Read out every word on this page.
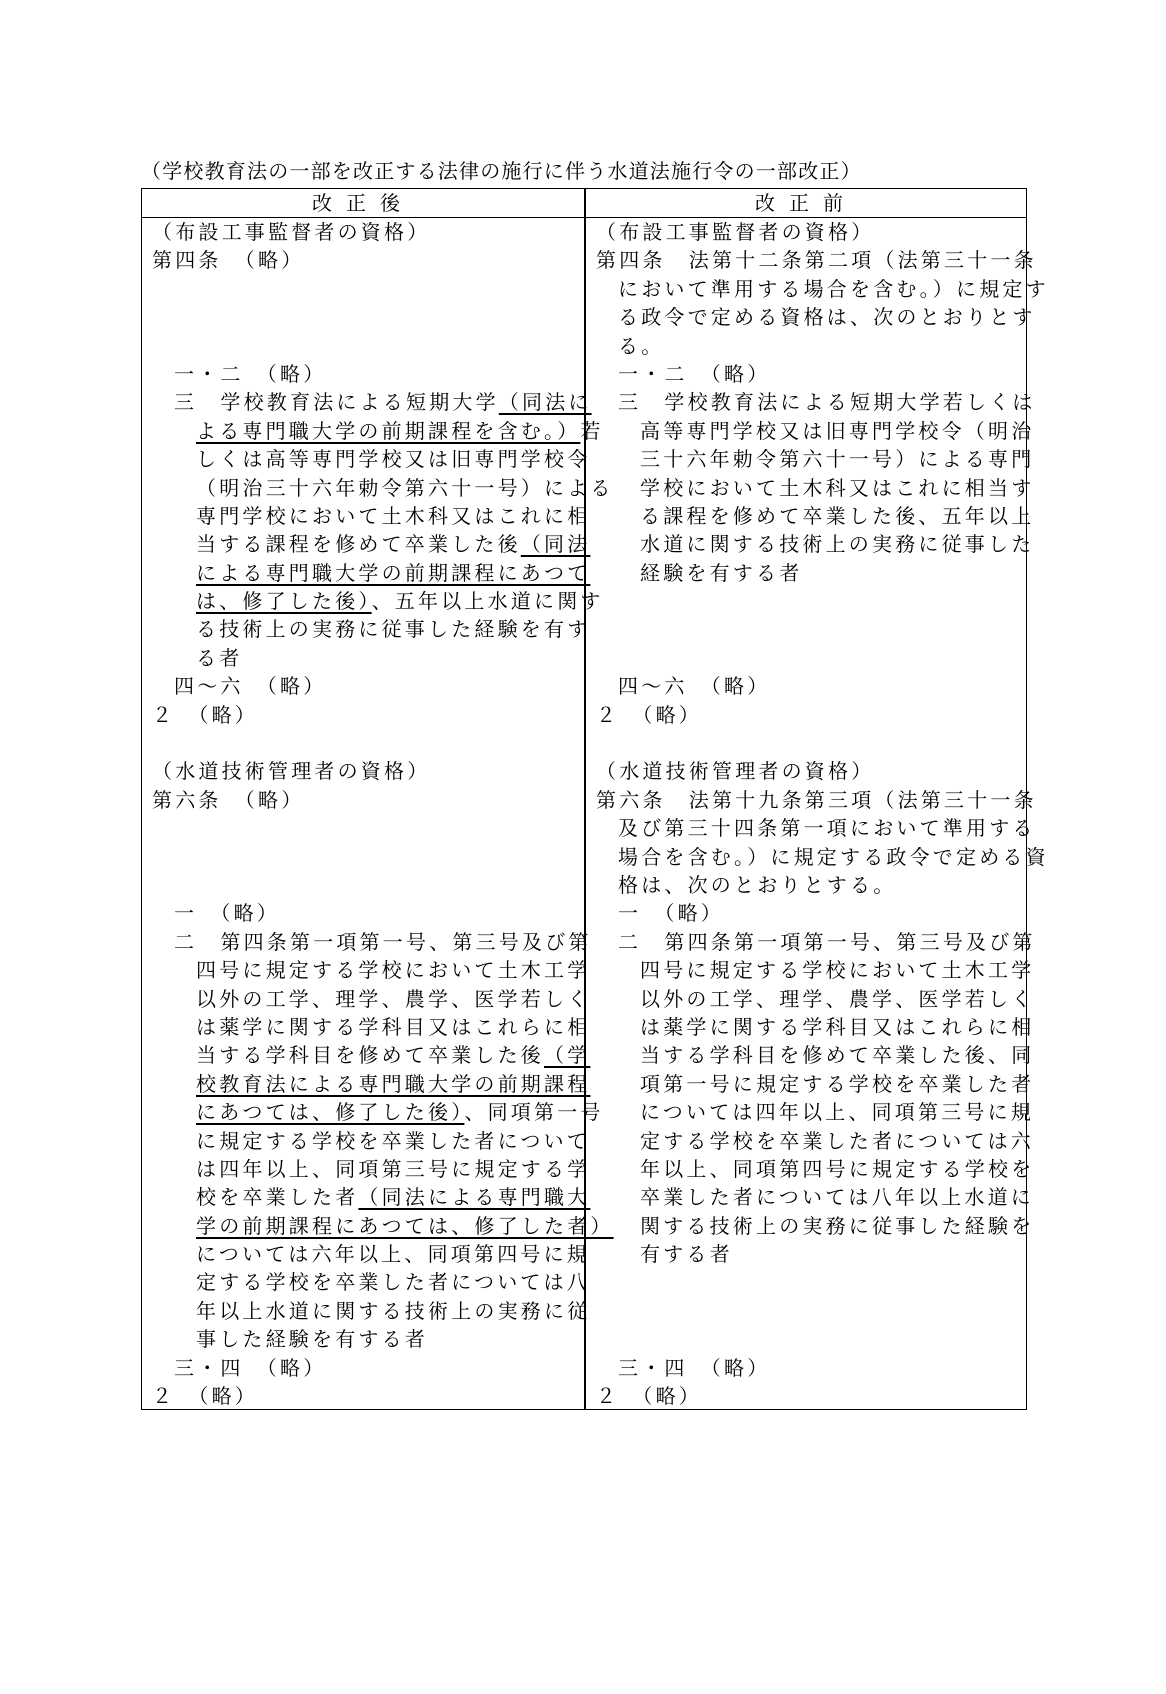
（学校教育法の一部を改正する法律の施行に伴う水道法施行令の一部改正）
改正後	改正前
（布設工事監督者の資格）
第四条　（略）
一・二　（略）
三　学校教育法による短期大学（同法に
よる専門職大学の前期課程を含む。）若
しくは高等専門学校又は旧専門学校令
（明治三十六年勅令第六十一号）による
専門学校において土木科又はこれに相
当する課程を修めて卒業した後（同法
による専門職大学の前期課程にあつて
は、修了した後）、五年以上水道に関す
る技術上の実務に従事した経験を有す
る者
四～六　（略）
２　（略）
（水道技術管理者の資格）
第六条　（略）
一　（略）
二　第四条第一項第一号、第三号及び第
四号に規定する学校において土木工学
以外の工学、理学、農学、医学若しく
は薬学に関する学科目又はこれらに相
当する学科目を修めて卒業した後（学
校教育法による専門職大学の前期課程
にあつては、修了した後）、同項第一号
に規定する学校を卒業した者について
は四年以上、同項第三号に規定する学
校を卒業した者（同法による専門職大
学の前期課程にあつては、修了した者）
については六年以上、同項第四号に規
定する学校を卒業した者については八
年以上水道に関する技術上の実務に従
事した経験を有する者
三・四　（略）
２　（略）
（布設工事監督者の資格）
第四条　法第十二条第二項（法第三十一条
において準用する場合を含む。）に規定す
る政令で定める資格は、次のとおりとす
る。
一・二　（略）
三　学校教育法による短期大学若しくは
高等専門学校又は旧専門学校令（明治
三十六年勅令第六十一号）による専門
学校において土木科又はこれに相当す
る課程を修めて卒業した後、五年以上
水道に関する技術上の実務に従事した
経験を有する者
四～六　（略）
２　（略）
（水道技術管理者の資格）
第六条　法第十九条第三項（法第三十一条
及び第三十四条第一項において準用する
場合を含む。）に規定する政令で定める資
格は、次のとおりとする。
一　（略）
二　第四条第一項第一号、第三号及び第
四号に規定する学校において土木工学
以外の工学、理学、農学、医学若しく
は薬学に関する学科目又はこれらに相
当する学科目を修めて卒業した後、同
項第一号に規定する学校を卒業した者
については四年以上、同項第三号に規
定する学校を卒業した者については六
年以上、同項第四号に規定する学校を
卒業した者については八年以上水道に
関する技術上の実務に従事した経験を
有する者
三・四　（略）
２　（略）
